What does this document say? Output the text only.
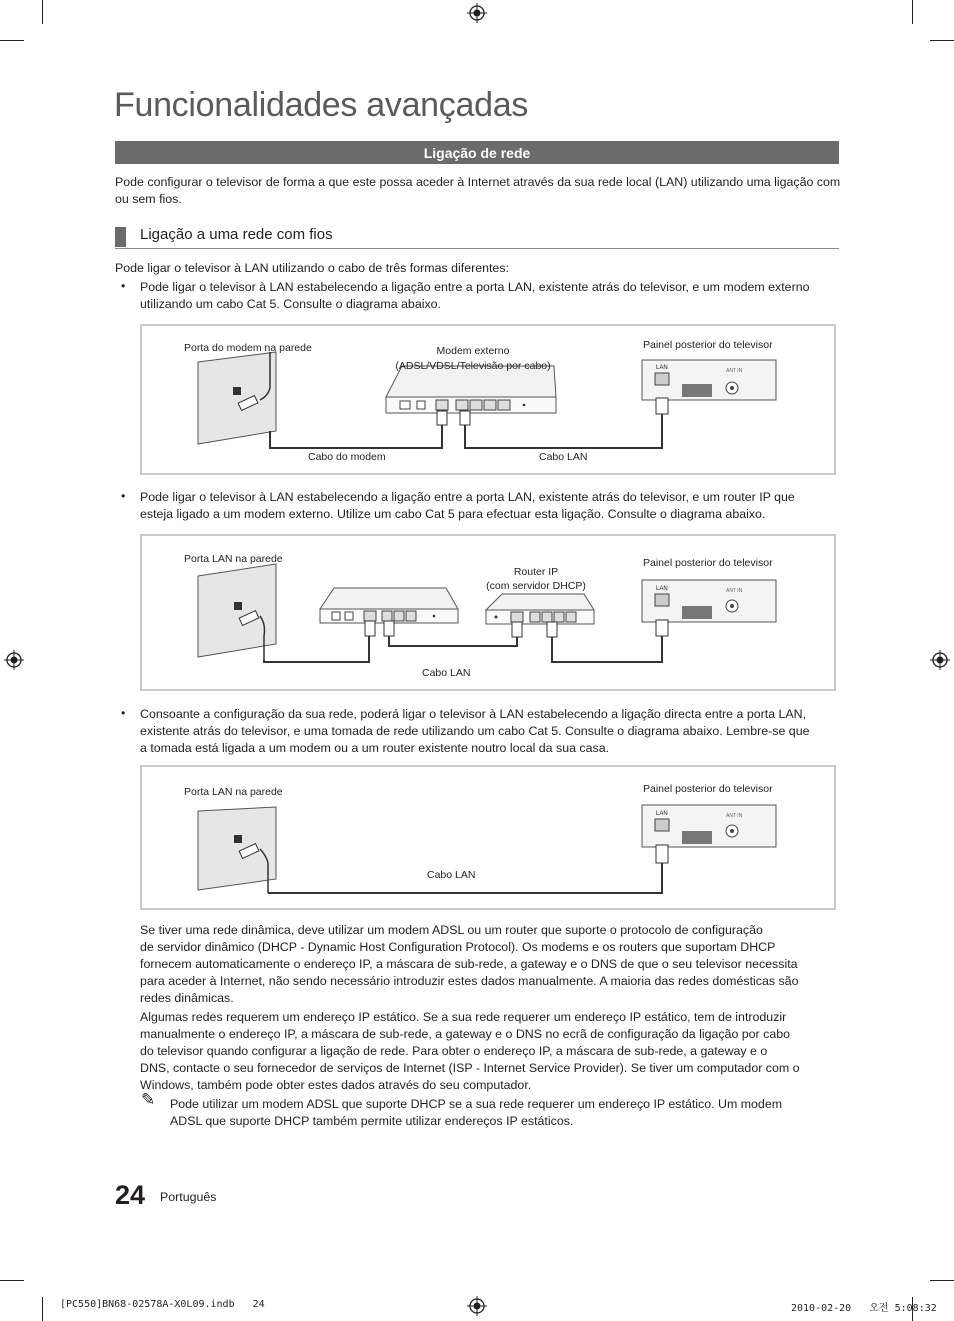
Funcionalidades avançadas
Ligação de rede

Pode configurar o televisor de forma a que este possa aceder à Internet através da sua rede local (LAN) utilizando uma ligação com ou sem fios.

Ligação a uma rede com fios

Pode ligar o televisor à LAN utilizando o cabo de três formas diferentes:

• Pode ligar o televisor à LAN estabelecendo a ligação entre a porta LAN, existente atrás do televisor, e um modem externo

utilizando um cabo Cat 5. Consulte o diagrama abaixo.

Porta do modem na parede	Modem externo
(ADSL/VDSL/Televisão por cabo)
Painel posterior do televisor
LAN	ANT IN
Cabo do modem	Cabo LAN
• Pode ligar o televisor à LAN estabelecendo a ligação entre a porta LAN, existente atrás do televisor, e um router IP que

esteja ligado a um modem externo. Utilize um cabo Cat 5 para efectuar esta ligação. Consulte o diagrama abaixo.

Porta LAN na parede
Router IP
(com servidor DHCP)
Painel posterior do televisor
LAN	ANT IN
Cabo LAN
• Consoante a configuração da sua rede, poderá ligar o televisor à LAN estabelecendo a ligação directa entre a porta LAN,

existente atrás do televisor, e uma tomada de rede utilizando um cabo Cat 5. Consulte o diagrama abaixo. Lembre-se que

a tomada está ligada a um modem ou a um router existente noutro local da sua casa.

Porta LAN na parede	Painel posterior do televisor
LAN	ANT IN
Cabo LAN

Se tiver uma rede dinâmica, deve utilizar um modem ADSL ou um router que suporte o protocolo de configuração

de servidor dinâmico (DHCP - Dynamic Host Configuration Protocol). Os modems e os routers que suportam DHCP

fornecem automaticamente o endereço IP, a máscara de sub-rede, a gateway e o DNS de que o seu televisor necessita

para aceder à Internet, não sendo necessário introduzir estes dados manualmente. A maioria das redes domésticas são

redes dinâmicas.

Algumas redes requerem um endereço IP estático. Se a sua rede requerer um endereço IP estático, tem de introduzir

manualmente o endereço IP, a máscara de sub-rede, a gateway e o DNS no ecrã de configuração da ligação por cabo

do televisor quando configurar a ligação de rede. Para obter o endereço IP, a máscara de sub-rede, a gateway e o

DNS, contacte o seu fornecedor de serviços de Internet (ISP - Internet Service Provider). Se tiver um computador com o

Windows, também pode obter estes dados através do seu computador.

✎ Pode utilizar um modem ADSL que suporte DHCP se a sua rede requerer um endereço IP estático. Um modem

ADSL que suporte DHCP também permite utilizar endereços IP estáticos.

24 Português
[PC550]BN68-02578A-X0L09.indb   24	2010-02-20   오전 5:08:32
